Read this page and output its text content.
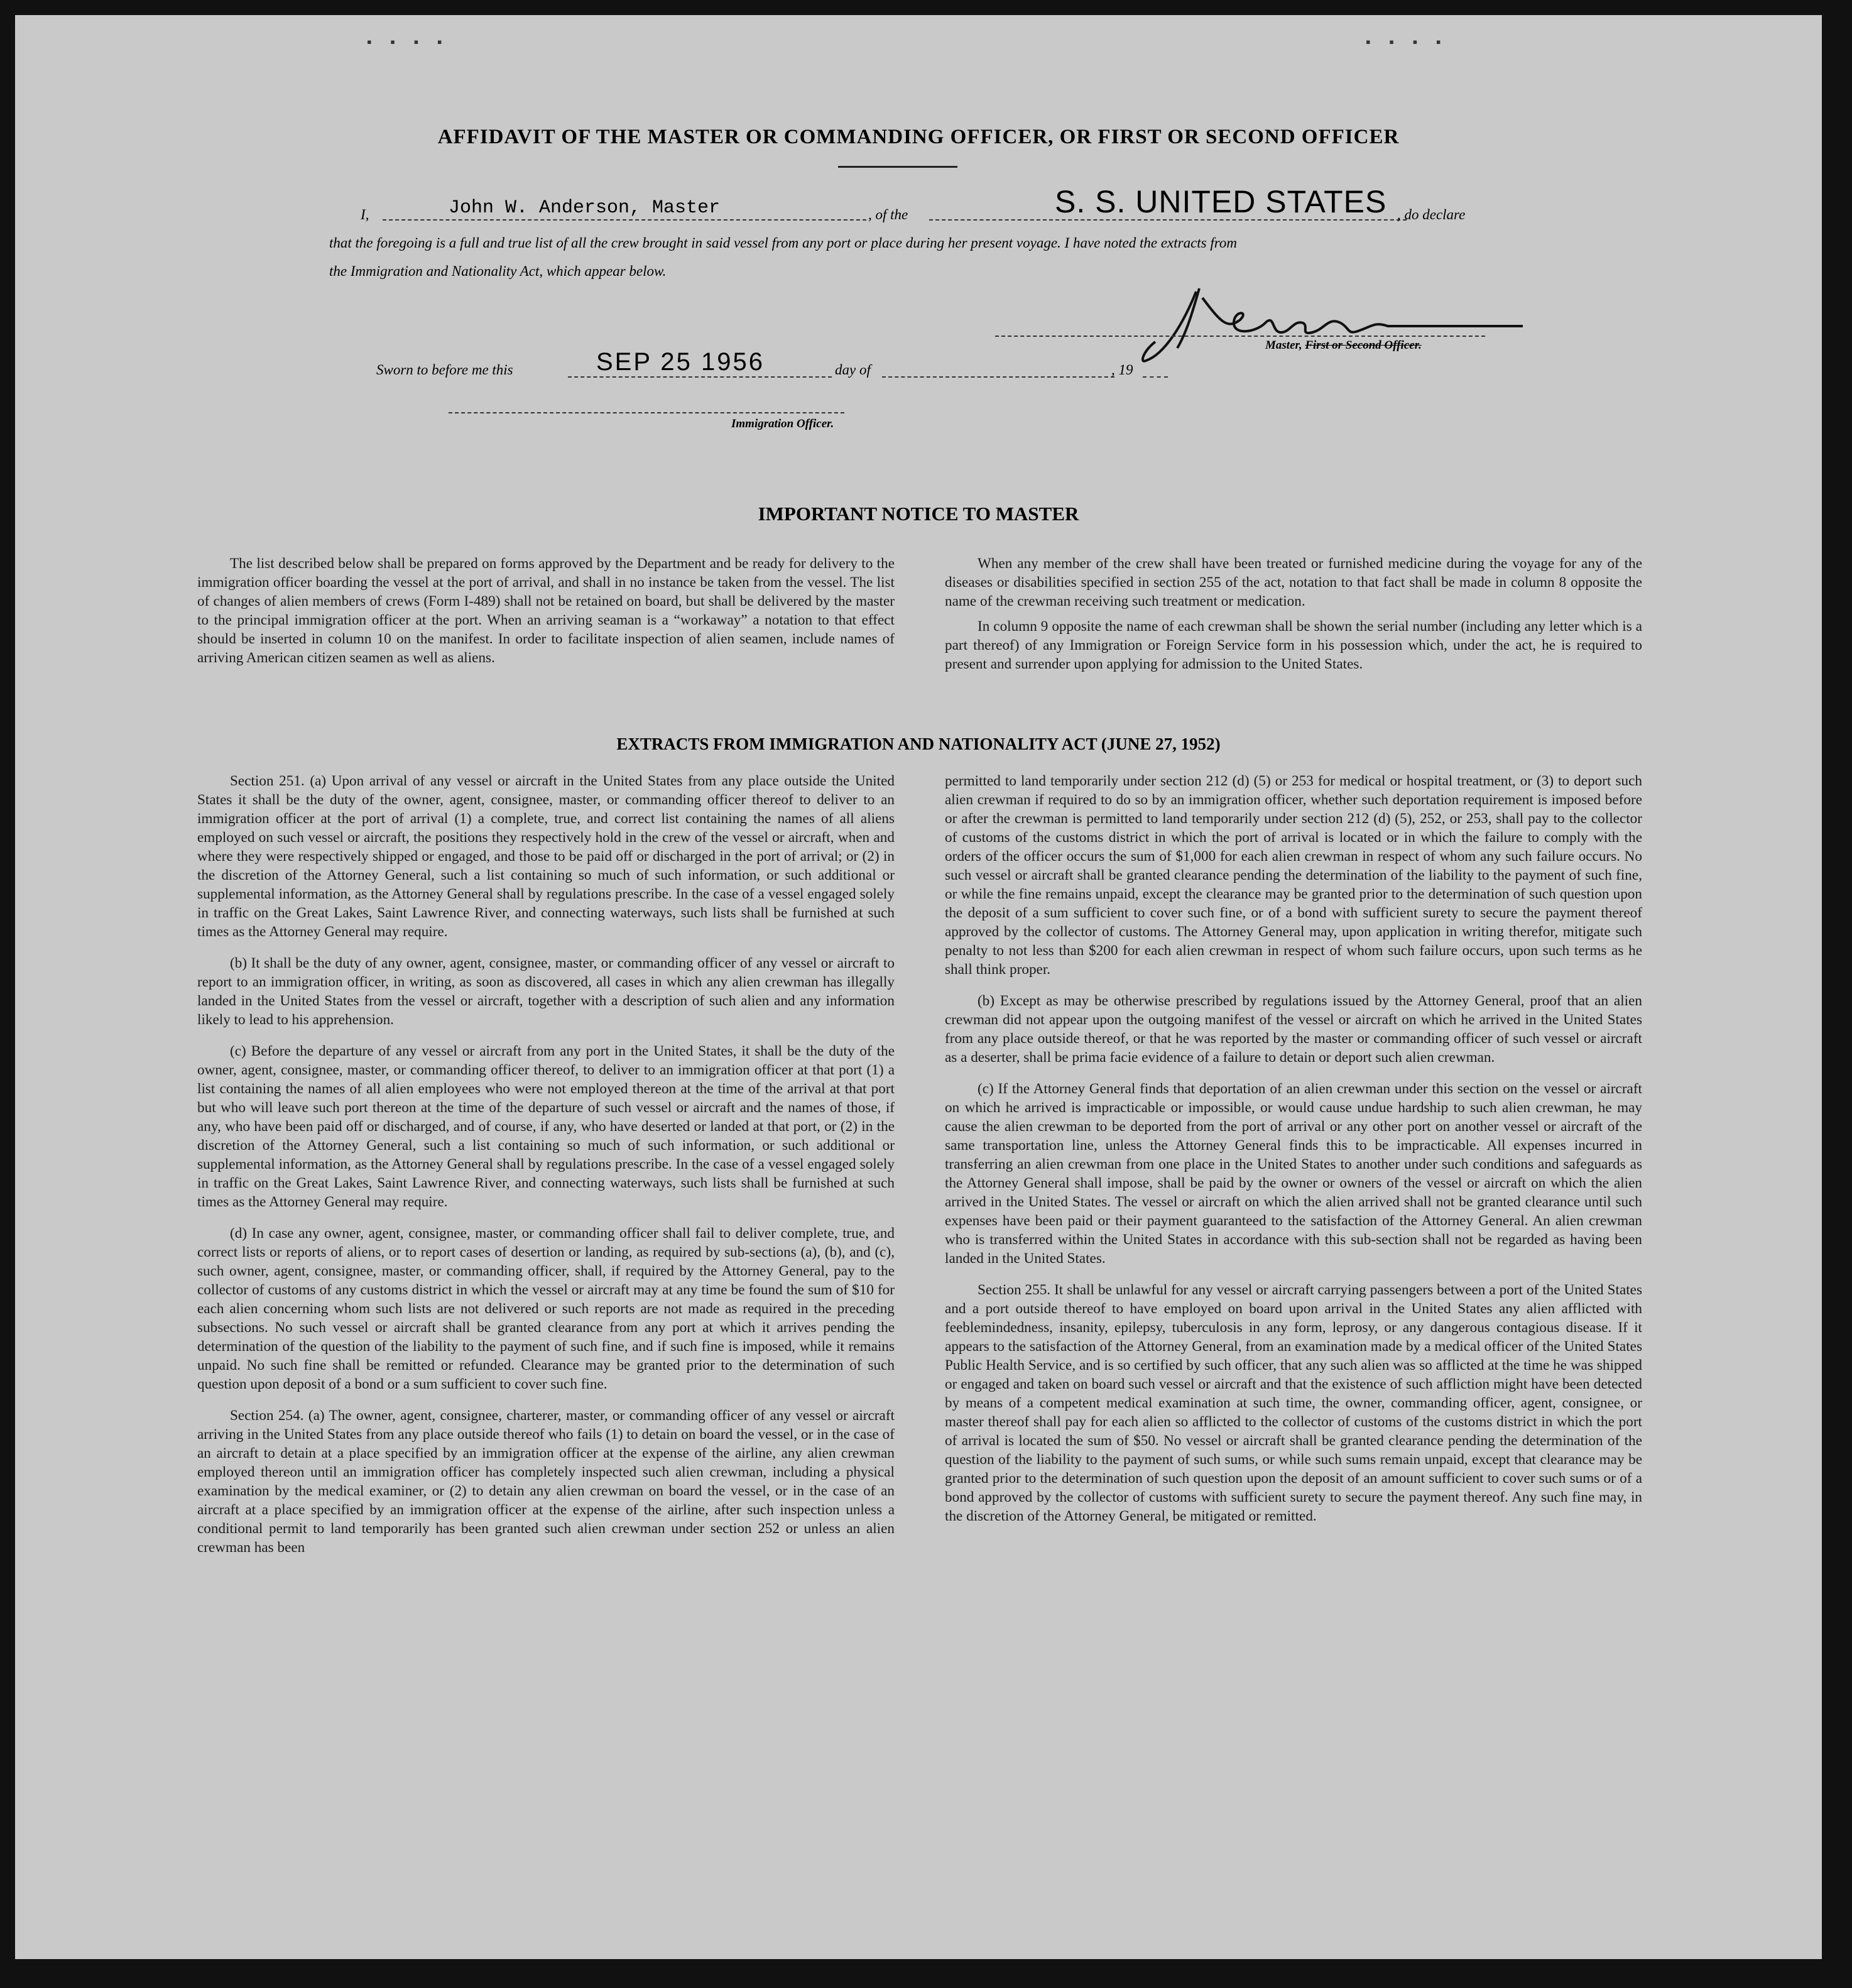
▪ ▪ ▪ ▪	▪ ▪ ▪ ▪
AFFIDAVIT OF THE MASTER OR COMMANDING OFFICER, OR FIRST OR SECOND OFFICER
I,	John W. Anderson, Master	, of the	S. S. UNITED STATES , do declare
that the foregoing is a full and true list of all the crew brought in said vessel from any port or place during her present voyage. I have noted the extracts from
the Immigration and Nationality Act, which appear below.
Master, First or Second Officer.
Sworn to before me this	SEP 25 1956	day of	, 19
Immigration Officer.
IMPORTANT NOTICE TO MASTER

The list described below shall be prepared on forms approved by the Department and be ready for delivery to the immigration officer boarding the vessel at the port of arrival, and shall in no instance be taken from the vessel. The list of changes of alien members of crews (Form I-489) shall not be retained on board, but shall be delivered by the master to the principal immigration officer at the port. When an arriving seaman is a “workaway” a notation to that effect should be inserted in column 10 on the manifest. In order to facilitate inspection of alien seamen, include names of arriving American citizen seamen as well as aliens.

When any member of the crew shall have been treated or furnished medicine during the voyage for any of the diseases or disabilities specified in section 255 of the act, notation to that fact shall be made in column 8 opposite the name of the crewman receiving such treatment or medication.

In column 9 opposite the name of each crewman shall be shown the serial number (including any letter which is a part thereof) of any Immigration or Foreign Service form in his possession which, under the act, he is required to present and surrender upon applying for admission to the United States.

EXTRACTS FROM IMMIGRATION AND NATIONALITY ACT (JUNE 27, 1952)

Section 251. (a) Upon arrival of any vessel or aircraft in the United States from any place outside the United States it shall be the duty of the owner, agent, consignee, master, or commanding officer thereof to deliver to an immigration officer at the port of arrival (1) a complete, true, and correct list containing the names of all aliens employed on such vessel or aircraft, the positions they respectively hold in the crew of the vessel or aircraft, when and where they were respectively shipped or engaged, and those to be paid off or discharged in the port of arrival; or (2) in the discretion of the Attorney General, such a list containing so much of such information, or such additional or supplemental information, as the Attorney General shall by regulations prescribe. In the case of a vessel engaged solely in traffic on the Great Lakes, Saint Lawrence River, and connecting waterways, such lists shall be furnished at such times as the Attorney General may require.

(b) It shall be the duty of any owner, agent, consignee, master, or commanding officer of any vessel or aircraft to report to an immigration officer, in writing, as soon as discovered, all cases in which any alien crewman has illegally landed in the United States from the vessel or aircraft, together with a description of such alien and any information likely to lead to his apprehension.

(c) Before the departure of any vessel or aircraft from any port in the United States, it shall be the duty of the owner, agent, consignee, master, or commanding officer thereof, to deliver to an immigration officer at that port (1) a list containing the names of all alien employees who were not employed thereon at the time of the arrival at that port but who will leave such port thereon at the time of the departure of such vessel or aircraft and the names of those, if any, who have been paid off or discharged, and of course, if any, who have deserted or landed at that port, or (2) in the discretion of the Attorney General, such a list containing so much of such information, or such additional or supplemental information, as the Attorney General shall by regulations prescribe. In the case of a vessel engaged solely in traffic on the Great Lakes, Saint Lawrence River, and connecting waterways, such lists shall be furnished at such times as the Attorney General may require.

(d) In case any owner, agent, consignee, master, or commanding officer shall fail to deliver complete, true, and correct lists or reports of aliens, or to report cases of desertion or landing, as required by sub-sections (a), (b), and (c), such owner, agent, consignee, master, or commanding officer, shall, if required by the Attorney General, pay to the collector of customs of any customs district in which the vessel or aircraft may at any time be found the sum of $10 for each alien concerning whom such lists are not delivered or such reports are not made as required in the preceding subsections. No such vessel or aircraft shall be granted clearance from any port at which it arrives pending the determination of the question of the liability to the payment of such fine, and if such fine is imposed, while it remains unpaid. No such fine shall be remitted or refunded. Clearance may be granted prior to the determination of such question upon deposit of a bond or a sum sufficient to cover such fine.

Section 254. (a) The owner, agent, consignee, charterer, master, or commanding officer of any vessel or aircraft arriving in the United States from any place outside thereof who fails (1) to detain on board the vessel, or in the case of an aircraft to detain at a place specified by an immigration officer at the expense of the airline, any alien crewman employed thereon until an immigration officer has completely inspected such alien crewman, including a physical examination by the medical examiner, or (2) to detain any alien crewman on board the vessel, or in the case of an aircraft at a place specified by an immigration officer at the expense of the airline, after such inspection unless a conditional permit to land temporarily has been granted such alien crewman under section 252 or unless an alien crewman has been

permitted to land temporarily under section 212 (d) (5) or 253 for medical or hospital treatment, or (3) to deport such alien crewman if required to do so by an immigration officer, whether such deportation requirement is imposed before or after the crewman is permitted to land temporarily under section 212 (d) (5), 252, or 253, shall pay to the collector of customs of the customs district in which the port of arrival is located or in which the failure to comply with the orders of the officer occurs the sum of $1,000 for each alien crewman in respect of whom any such failure occurs. No such vessel or aircraft shall be granted clearance pending the determination of the liability to the payment of such fine, or while the fine remains unpaid, except the clearance may be granted prior to the determination of such question upon the deposit of a sum sufficient to cover such fine, or of a bond with sufficient surety to secure the payment thereof approved by the collector of customs. The Attorney General may, upon application in writing therefor, mitigate such penalty to not less than $200 for each alien crewman in respect of whom such failure occurs, upon such terms as he shall think proper.

(b) Except as may be otherwise prescribed by regulations issued by the Attorney General, proof that an alien crewman did not appear upon the outgoing manifest of the vessel or aircraft on which he arrived in the United States from any place outside thereof, or that he was reported by the master or commanding officer of such vessel or aircraft as a deserter, shall be prima facie evidence of a failure to detain or deport such alien crewman.

(c) If the Attorney General finds that deportation of an alien crewman under this section on the vessel or aircraft on which he arrived is impracticable or impossible, or would cause undue hardship to such alien crewman, he may cause the alien crewman to be deported from the port of arrival or any other port on another vessel or aircraft of the same transportation line, unless the Attorney General finds this to be impracticable. All expenses incurred in transferring an alien crewman from one place in the United States to another under such conditions and safeguards as the Attorney General shall impose, shall be paid by the owner or owners of the vessel or aircraft on which the alien arrived in the United States. The vessel or aircraft on which the alien arrived shall not be granted clearance until such expenses have been paid or their payment guaranteed to the satisfaction of the Attorney General. An alien crewman who is transferred within the United States in accordance with this sub-section shall not be regarded as having been landed in the United States.

Section 255. It shall be unlawful for any vessel or aircraft carrying passengers between a port of the United States and a port outside thereof to have employed on board upon arrival in the United States any alien afflicted with feeblemindedness, insanity, epilepsy, tuberculosis in any form, leprosy, or any dangerous contagious disease. If it appears to the satisfaction of the Attorney General, from an examination made by a medical officer of the United States Public Health Service, and is so certified by such officer, that any such alien was so afflicted at the time he was shipped or engaged and taken on board such vessel or aircraft and that the existence of such affliction might have been detected by means of a competent medical examination at such time, the owner, commanding officer, agent, consignee, or master thereof shall pay for each alien so afflicted to the collector of customs of the customs district in which the port of arrival is located the sum of $50. No vessel or aircraft shall be granted clearance pending the determination of the question of the liability to the payment of such sums, or while such sums remain unpaid, except that clearance may be granted prior to the determination of such question upon the deposit of an amount sufficient to cover such sums or of a bond approved by the collector of customs with sufficient surety to secure the payment thereof. Any such fine may, in the discretion of the Attorney General, be mitigated or remitted.
